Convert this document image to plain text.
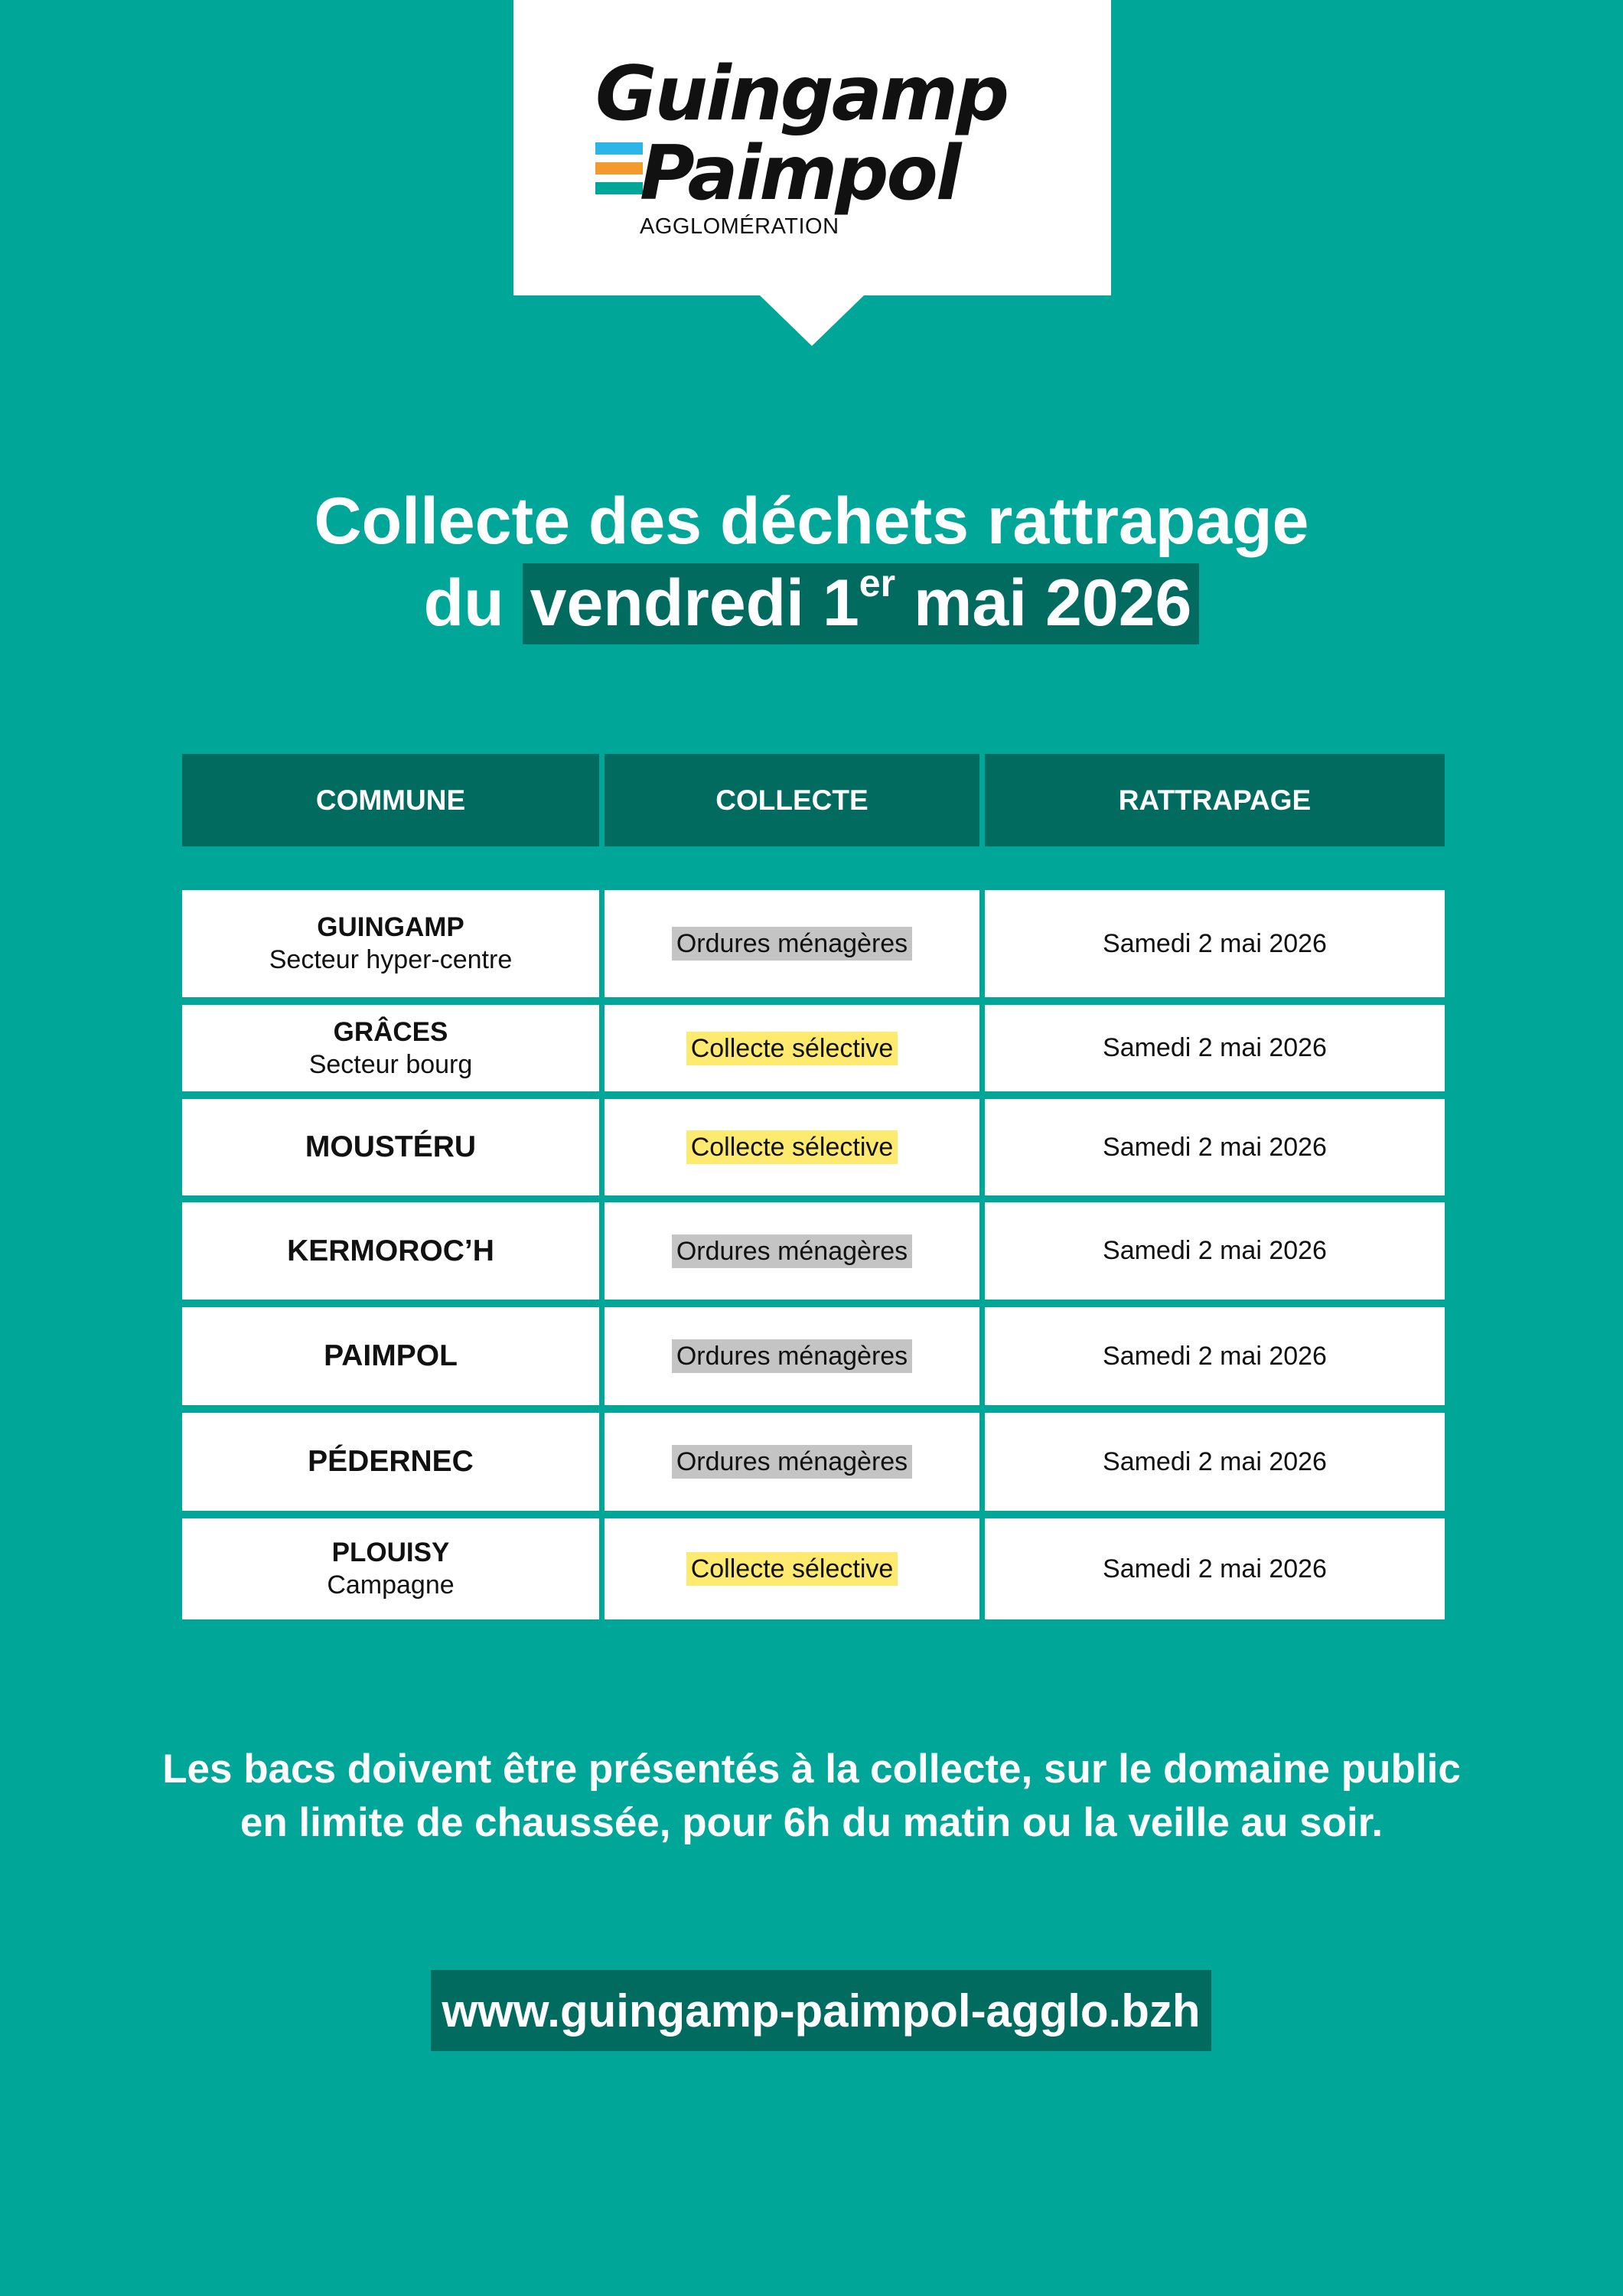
Guingamp
Paimpol
AGGLOMÉRATION
Collecte des déchets rattrapage
du vendredi 1er mai 2026
COMMUNE	COLLECTE	RATTRAPAGE
GUINGAMP
Secteur hyper-centre
Ordures ménagères	Samedi 2 mai 2026
GRÂCES
Secteur bourg
Collecte sélective	Samedi 2 mai 2026
MOUSTÉRU	Collecte sélective	Samedi 2 mai 2026
KERMOROC’H	Ordures ménagères	Samedi 2 mai 2026
PAIMPOL	Ordures ménagères	Samedi 2 mai 2026
PÉDERNEC	Ordures ménagères	Samedi 2 mai 2026
PLOUISY
Campagne
Collecte sélective	Samedi 2 mai 2026
Les bacs doivent être présentés à la collecte, sur le domaine public
en limite de chaussée, pour 6h du matin ou la veille au soir.
www.guingamp-paimpol-agglo.bzh
